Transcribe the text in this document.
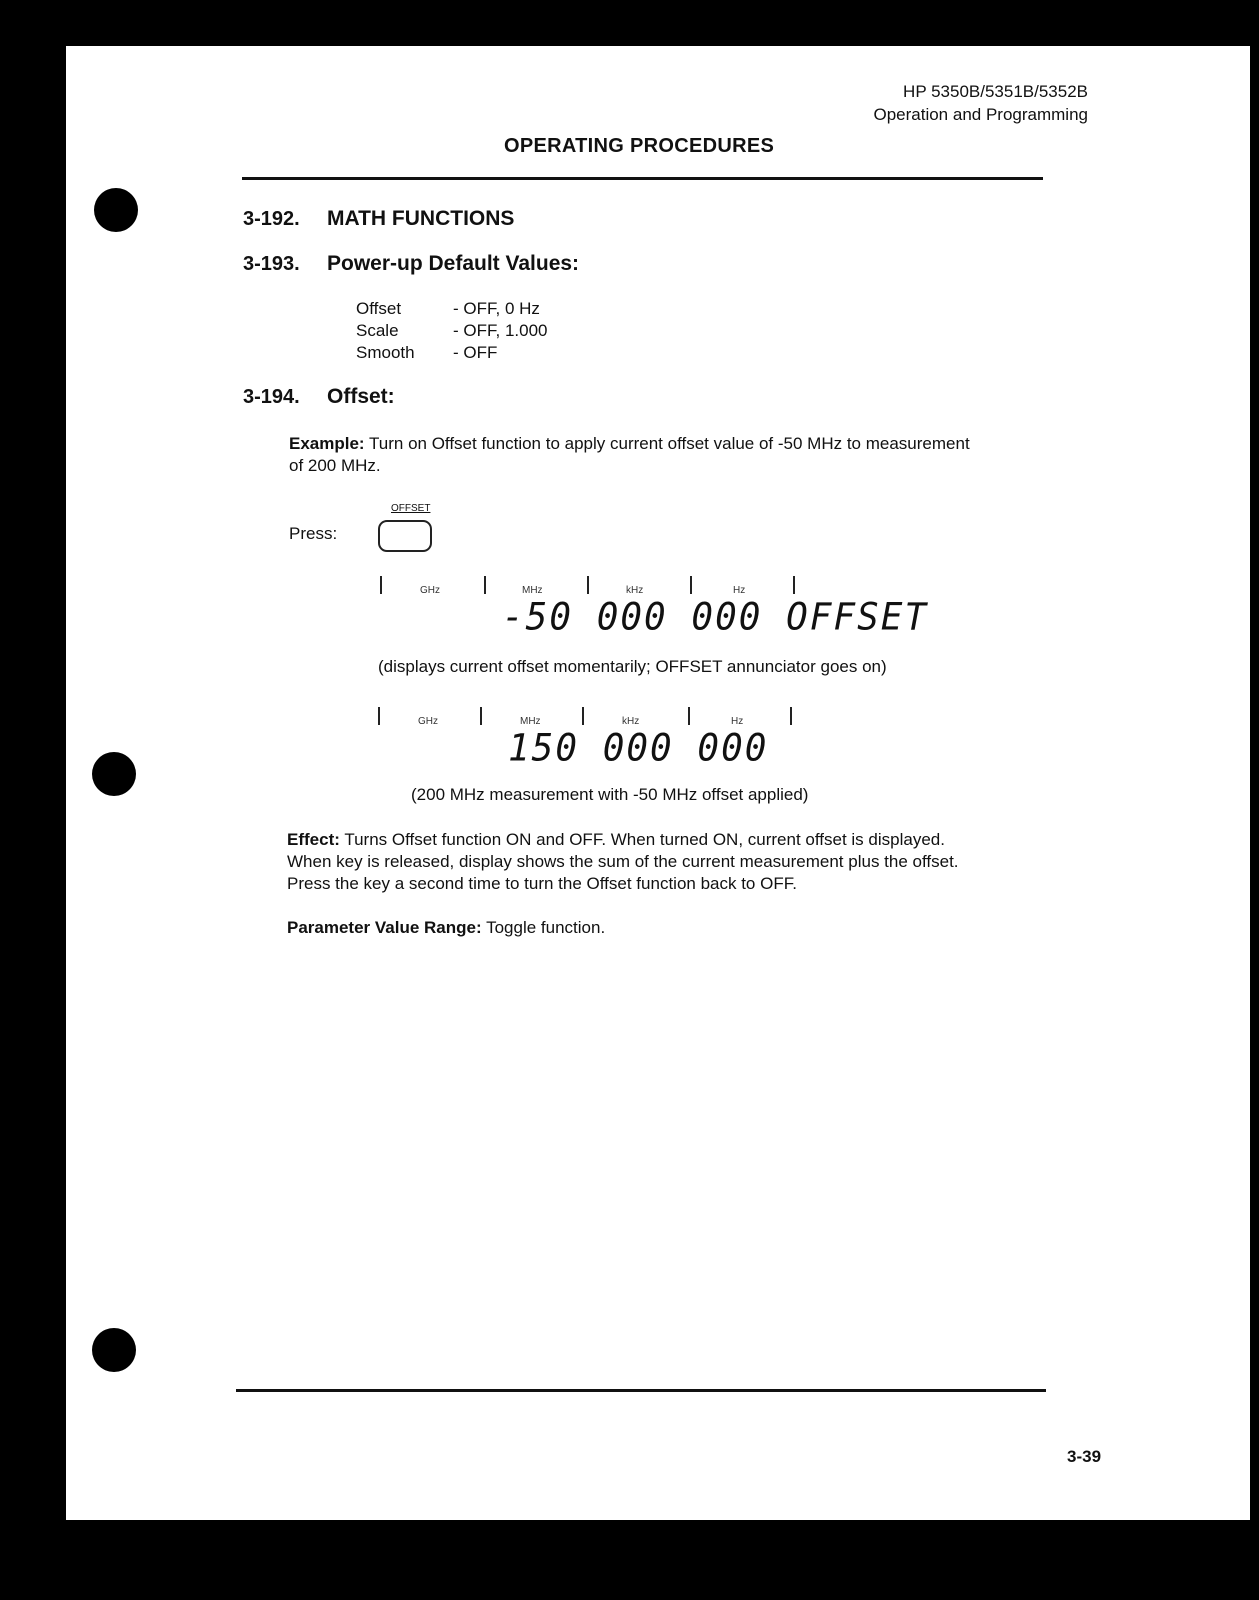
HP 5350B/5351B/5352B
Operation and Programming
OPERATING PROCEDURES
3-192. MATH FUNCTIONS
3-193. Power-up Default Values:
Offset	- OFF, 0 Hz
Scale	- OFF, 1.000
Smooth - OFF
3-194. Offset:
Example: Turn on Offset function to apply current offset value of -50 MHz to measurement
of 200 MHz.
Press:
OFFSET
GHz	MHz	kHz	Hz
-50 000 000 OFFSET
(displays current offset momentarily; OFFSET annunciator goes on)
GHz	MHz	kHz	Hz
150 000 000
(200 MHz measurement with -50 MHz offset applied)
Effect: Turns Offset function ON and OFF. When turned ON, current offset is displayed.
When key is released, display shows the sum of the current measurement plus the offset.
Press the key a second time to turn the Offset function back to OFF.
Parameter Value Range: Toggle function.
3-39
